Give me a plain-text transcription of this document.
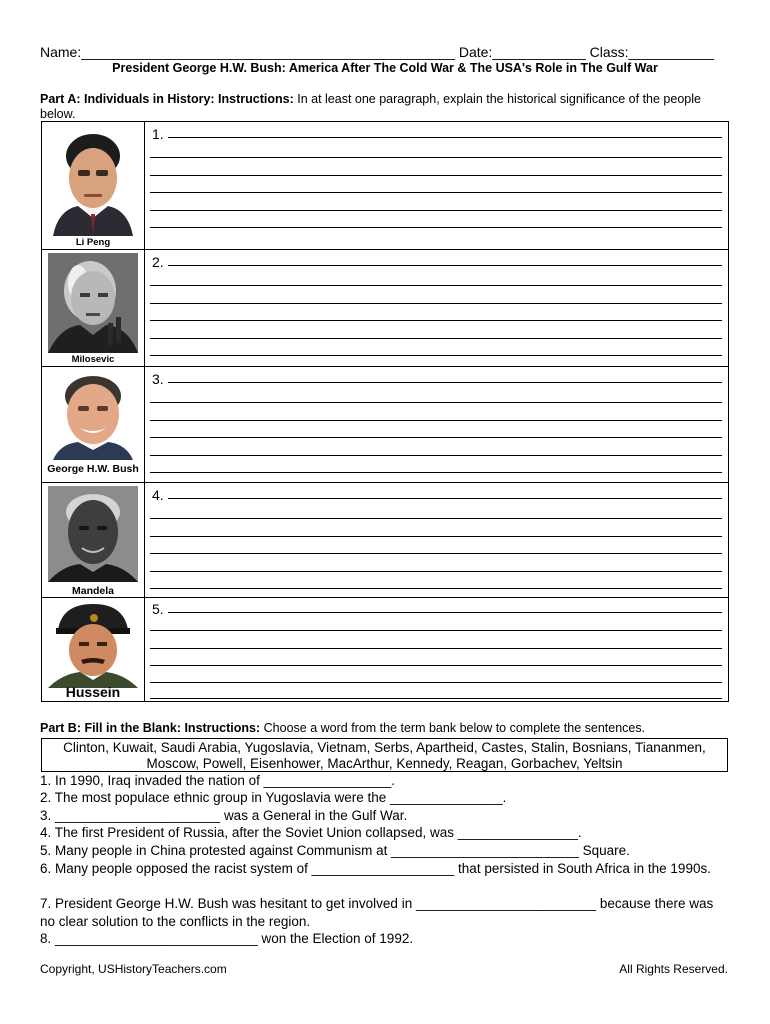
Name:________________________________________________ Date:____________ Class:___________
President George H.W. Bush: America After The Cold War & The USA's Role in The Gulf War
Part A: Individuals in History: Instructions: In at least one paragraph, explain the historical significance of the people below.
Li Peng
1.
Milosevic
2.
George H.W. Bush
3.
Mandela
4.
Hussein
5.
Part B: Fill in the Blank: Instructions: Choose a word from the term bank below to complete the sentences.
Clinton, Kuwait, Saudi Arabia, Yugoslavia, Vietnam, Serbs, Apartheid, Castes, Stalin, Bosnians, Tiananmen,
Moscow, Powell, Eisenhower, MacArthur, Kennedy, Reagan, Gorbachev, Yeltsin
1. In 1990, Iraq invaded the nation of _________________.
2. The most populace ethnic group in Yugoslavia were the _______________.
3. ______________________ was a General in the Gulf War.
4. The first President of Russia, after the Soviet Union collapsed, was ________________.
5. Many people in China protested against Communism at _________________________ Square.
6. Many people opposed the racist system of ___________________ that persisted in South Africa in the 1990s.
7. President George H.W. Bush was hesitant to get involved in ________________________ because there was no clear solution to the conflicts in the region.
8. ___________________________ won the Election of 1992.
Copyright, USHistoryTeachers.com	All Rights Reserved.
